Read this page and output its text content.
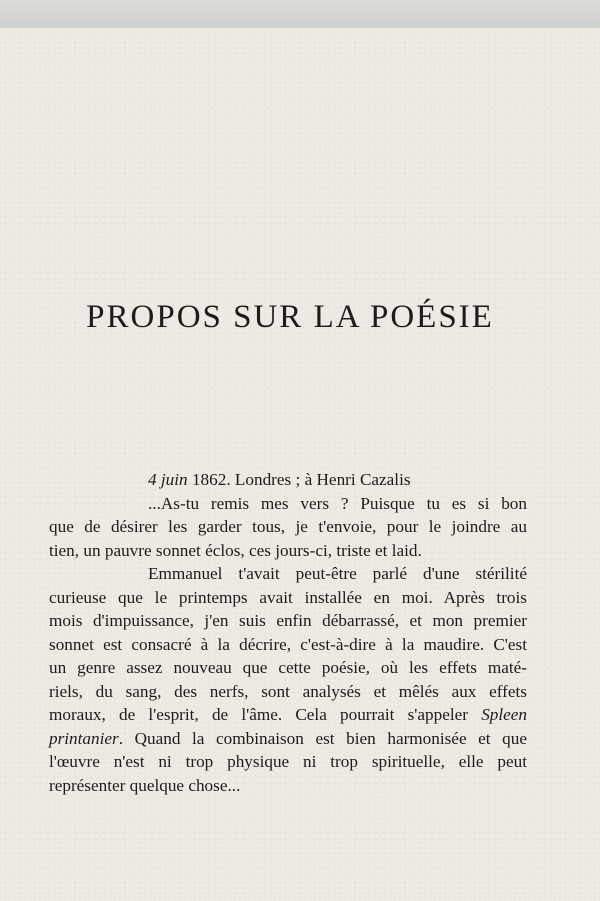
PROPOS SUR LA POÉSIE
4 juin 1862. Londres ; à Henri Cazalis
...As-tu remis mes vers ? Puisque tu es si bon
que de désirer les garder tous, je t'envoie, pour le joindre au
tien, un pauvre sonnet éclos, ces jours-ci, triste et laid.
Emmanuel t'avait peut-être parlé d'une stérilité
curieuse que le printemps avait installée en moi. Après trois
mois d'impuissance, j'en suis enfin débarrassé, et mon premier
sonnet est consacré à la décrire, c'est-à-dire à la maudire. C'est
un genre assez nouveau que cette poésie, où les effets maté-
riels, du sang, des nerfs, sont analysés et mêlés aux effets
moraux, de l'esprit, de l'âme. Cela pourrait s'appeler Spleen
printanier. Quand la combinaison est bien harmonisée et que
l'œuvre n'est ni trop physique ni trop spirituelle, elle peut
représenter quelque chose...
